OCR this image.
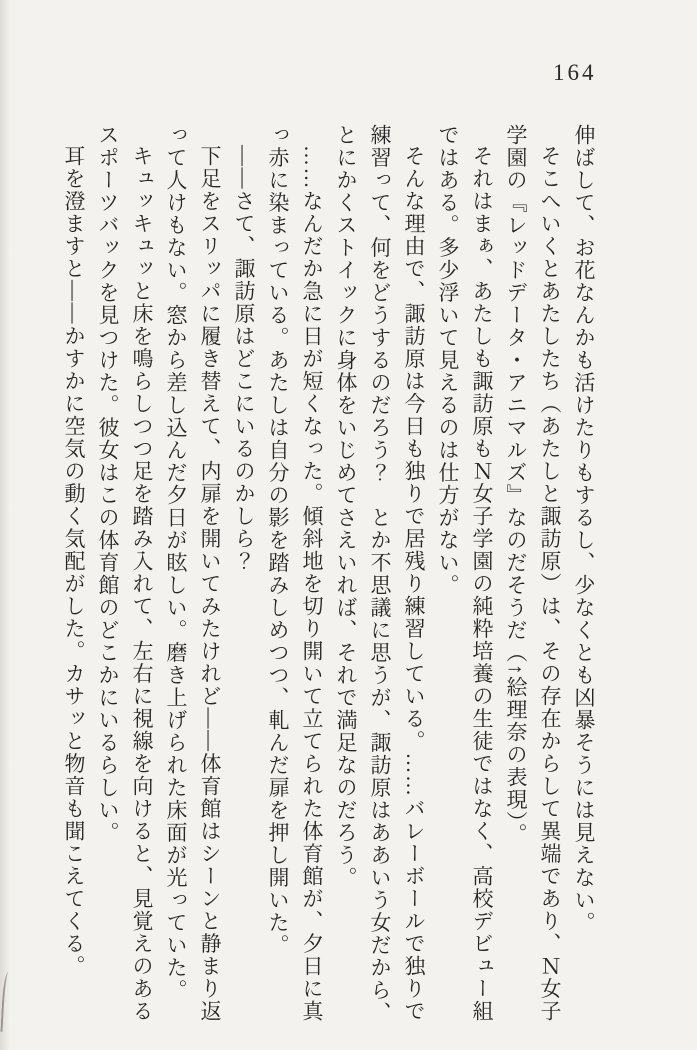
164

伸ばして、お花なんかも活けたりもするし、少なくとも凶暴そうには見えない。

そこへいくとあたしたち（あたしと諏訪原）は、その存在からして異端であり、Ｎ女子学園の『レッドデータ・アニマルズ』なのだそうだ（↑絵理奈の表現）。

それはまぁ、あたしも諏訪原もＮ女子学園の純粋培養の生徒ではなく、高校デビュー組ではある。多少浮いて見えるのは仕方がない。

そんな理由で、諏訪原は今日も独りで居残り練習している。……バレーボールで独りで練習って、何をどうするのだろう？　とか不思議に思うが、諏訪原はああいう女だから、とにかくストイックに身体をいじめてさえいれば、それで満足なのだろう。

……なんだか急に日が短くなった。傾斜地を切り開いて立てられた体育館が、夕日に真っ赤に染まっている。あたしは自分の影を踏みしめつつ、軋んだ扉を押し開いた。

――さて、諏訪原はどこにいるのかしら？

下足をスリッパに履き替えて、内扉を開いてみたけれど――体育館はシーンと静まり返って人けもない。窓から差し込んだ夕日が眩しい。磨き上げられた床面が光っていた。

キュッキュッと床を鳴らしつつ足を踏み入れて、左右に視線を向けると、見覚えのあるスポーツバックを見つけた。彼女はこの体育館のどこかにいるらしい。

耳を澄ますと――かすかに空気の動く気配がした。カサッと物音も聞こえてくる。
